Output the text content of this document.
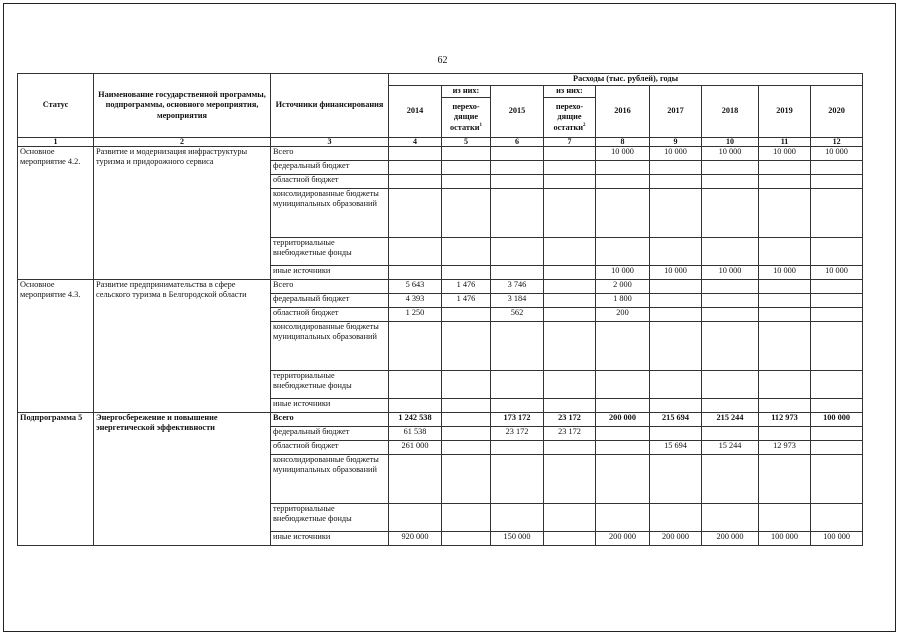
62
Статус	Наименование государственной программы, подпрограммы, основного мероприятия, мероприятия	Источники финансирования	Расходы (тыс. рублей), годы								
			2014	из них:	2015	из них:	2016	2017	2018	2019	2020
				перехо-дящие остатки$^1$		перехо-дящие остатки$^2$
1	2	3	4	5	6	7	8	9	10	11	12
Основное мероприятие 4.2.	Развитие и модернизация инфраструктуры туризма и придорожного сервиса	Всего					10 000	10 000	10 000	10 000	10 000
		федеральный бюджет									
		областной бюджет									
		консолидированные бюджеты муниципальных образований									
		территориальные внебюджетные фонды									
		иные источники					10 000	10 000	10 000	10 000	10 000
Основное мероприятие 4.3.	Развитие предпринимательства в сфере сельского туризма в Белгородской области	Всего	5 643	1 476	3 746		2 000				
		федеральный бюджет	4 393	1 476	3 184		1 800				
		областной бюджет	1 250		562		200				
		консолидированные бюджеты муниципальных образований									
		территориальные внебюджетные фонды									
		иные источники									
Подпрограмма 5	Энергосбережение и повышение энергетической эффективности	Всего	1 242 538		173 172	23 172	200 000	215 694	215 244	112 973	100 000
		федеральный бюджет	61 538		23 172	23 172					
		областной бюджет	261 000					15 694	15 244	12 973	
		консолидированные бюджеты муниципальных образований									
		территориальные внебюджетные фонды									
		иные источники	920 000		150 000		200 000	200 000	200 000	100 000	100 000
